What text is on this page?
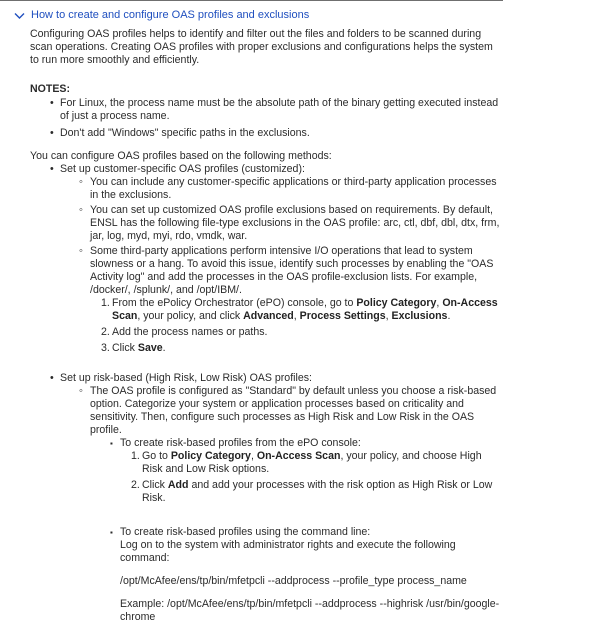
How to create and configure OAS profiles and exclusions

Configuring OAS profiles helps to identify and filter out the files and folders to be scanned during scan operations. Creating OAS profiles with proper exclusions and configurations helps the system to run more smoothly and efficiently.

NOTES:

• For Linux, the process name must be the absolute path of the binary getting executed instead of just a process name.
• Don't add "Windows" specific paths in the exclusions.

You can configure OAS profiles based on the following methods:

• Set up customer-specific OAS profiles (customized):
◦ You can include any customer-specific applications or third-party application processes in the exclusions.
◦ You can set up customized OAS profile exclusions based on requirements. By default, ENSL has the following file-type exclusions in the OAS profile: arc, ctl, dbf, dbl, dtx, frm, jar, log, myd, myi, rdo, vmdk, war.
◦ Some third-party applications perform intensive I/O operations that lead to system slowness or a hang. To avoid this issue, identify such processes by enabling the "OAS Activity log" and add the processes in the OAS profile-exclusion lists. For example, /docker/, /splunk/, and /opt/IBM/.
1. From the ePolicy Orchestrator (ePO) console, go to Policy Category, On-Access Scan, your policy, and click Advanced, Process Settings, Exclusions.
2. Add the process names or paths.
3. Click Save.
• Set up risk-based (High Risk, Low Risk) OAS profiles:
◦ The OAS profile is configured as "Standard" by default unless you choose a risk-based option. Categorize your system or application processes based on criticality and sensitivity. Then, configure such processes as High Risk and Low Risk in the OAS profile.
▪ To create risk-based profiles from the ePO console:
1. Go to Policy Category, On-Access Scan, your policy, and choose High Risk and Low Risk options.
2. Click Add and add your processes with the risk option as High Risk or Low Risk.
▪ To create risk-based profiles using the command line:
Log on to the system with administrator rights and execute the following command:

/opt/McAfee/ens/tp/bin/mfetpcli --addprocess --profile_type process_name

Example: /opt/McAfee/ens/tp/bin/mfetpcli --addprocess --highrisk /usr/bin/google-chrome
